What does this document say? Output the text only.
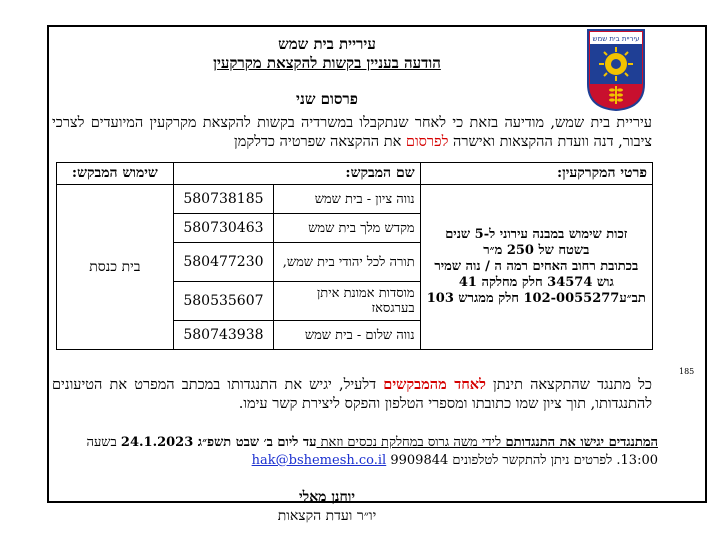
עיריית בית שמש
עיריית בית שמש
הודעה בעניין בקשות להקצאת מקרקעין
פרסום שני
עיריית בית שמש, מודיעה בזאת כי לאחר שנתקבלו במשרדיה בקשות להקצאת מקרקעין המיועדים לצרכי ציבור, דנה וועדת ההקצאות ואישרה לפרסום את ההקצאה שפרטיה כדלקמן
פרטי המקרקעין:	שם המבקש:		שימוש המבקש:

זכות שימוש במבנה עירוני ל-5 שנים
בשטח של 250 מ״ר
בכתובת רחוב האחים רמה ה / נוה שמיר
גוש 34574 חלק מחלקה 41
תב״ע102-0055277 חלק ממגרש 103	נווה ציון - בית שמש	580738185	בית כנסת
	מקדש מלך בית שמש	580730463	
	תורה לכל יהודי בית שמש,	580477230	
	מוסדות אמונת איתן בערגסאז	580535607	
	נווה שלום - בית שמש	580743938	
185
כל מתנגד שהתקצאה תינתן לאחד מהמבקשים דלעיל, יגיש את התנגדותו במכתב המפרט את הטיעונים להתנגדותו, תוך ציון שמו כתובתו ומספרי הטלפון והפקס ליצירת קשר עימו.
המתנגדים יגישו את התנגדותם לידי משה גרוס במחלקת נכסים וזאת עד ליום ב׳ שבט תשפ״ג 24.1.2023 בשעה 13:00. לפרטים ניתן להתקשר לטלפונים 9909844 hak@bshemesh.co.il
יוחנן מאלי
יו״ר ועדת הקצאות
